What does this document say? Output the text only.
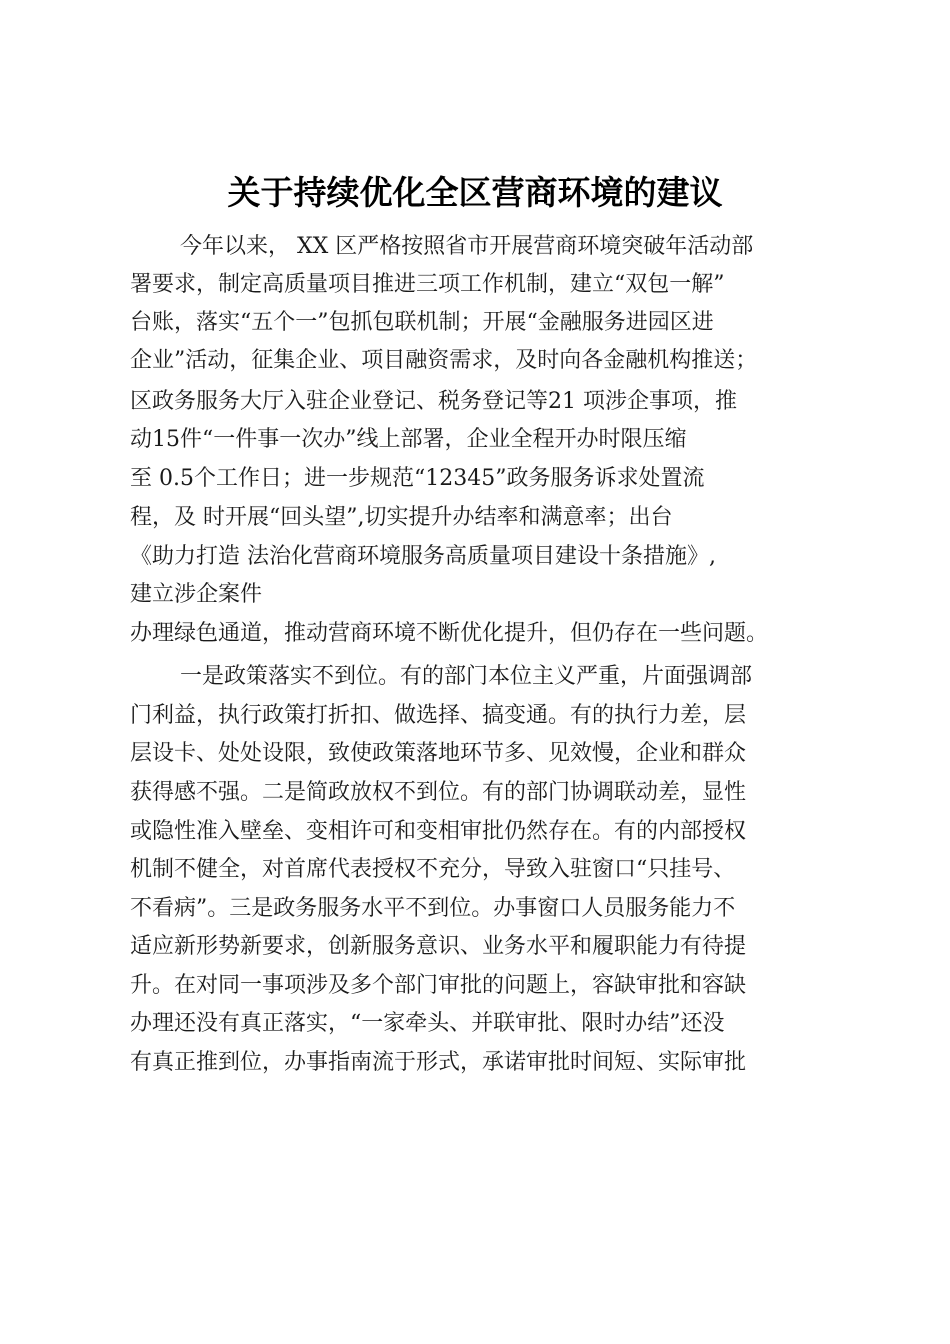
关于持续优化全区营商环境的建议

今年以来， XX 区严格按照省市开展营商环境突破年活动部

署要求，制定高质量项目推进三项工作机制，建立“双包一解”

台账，落实“五个一”包抓包联机制；开展“金融服务进园区进

企业”活动，征集企业、项目融资需求，及时向各金融机构推送；

区政务服务大厅入驻企业登记、税务登记等21 项涉企事项，推

动15件“一件事一次办”线上部署，企业全程开办时限压缩

至 0.5个工作日；进一步规范“12345”政务服务诉求处置流

程，及 时开展“回头望”,切实提升办结率和满意率；出台

《助力打造 法治化营商环境服务高质量项目建设十条措施》,

建立涉企案件

办理绿色通道，推动营商环境不断优化提升，但仍存在一些问题。

一是政策落实不到位。有的部门本位主义严重，片面强调部

门利益，执行政策打折扣、做选择、搞变通。有的执行力差，层

层设卡、处处设限，致使政策落地环节多、见效慢，企业和群众

获得感不强。二是简政放权不到位。有的部门协调联动差，显性

或隐性准入壁垒、变相许可和变相审批仍然存在。有的内部授权

机制不健全，对首席代表授权不充分，导致入驻窗口“只挂号、

不看病”。三是政务服务水平不到位。办事窗口人员服务能力不

适应新形势新要求，创新服务意识、业务水平和履职能力有待提

升。在对同一事项涉及多个部门审批的问题上，容缺审批和容缺

办理还没有真正落实，“一家牵头、并联审批、限时办结”还没

有真正推到位，办事指南流于形式，承诺审批时间短、实际审批
